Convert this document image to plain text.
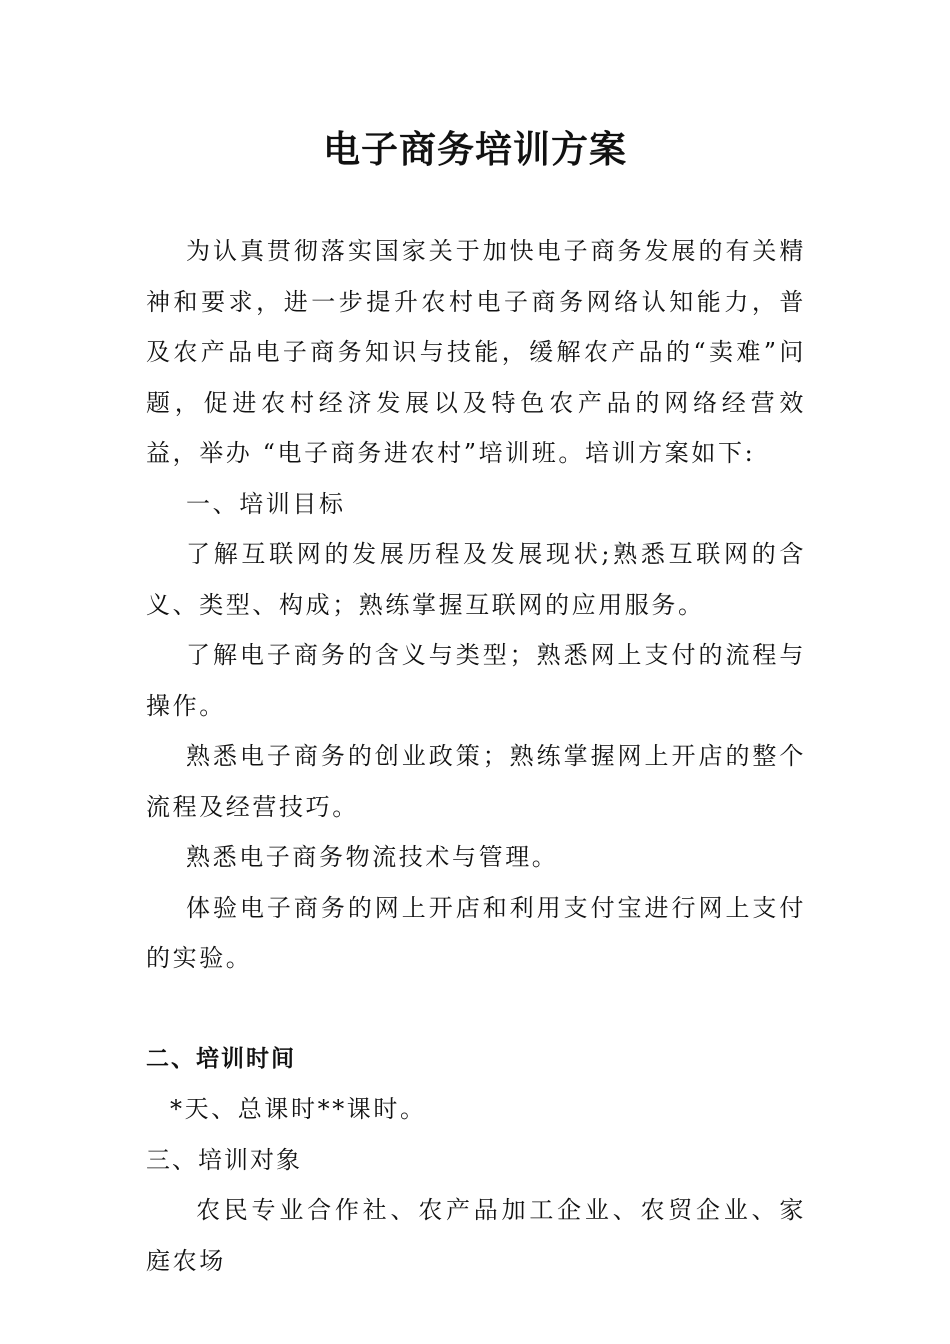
电子商务培训方案

为认真贯彻落实国家关于加快电子商务发展的有关精神和要求，进一步提升农村电子商务网络认知能力，普及农产品电子商务知识与技能，缓解农产品的“卖难”问题，促进农村经济发展以及特色农产品的网络经营效益，举办 “电子商务进农村”培训班。培训方案如下:

一、培训目标

了解互联网的发展历程及发展现状;熟悉互联网的含义、类型、构成；熟练掌握互联网的应用服务。

了解电子商务的含义与类型；熟悉网上支付的流程与操作。

熟悉电子商务的创业政策；熟练掌握网上开店的整个流程及经营技巧。

熟悉电子商务物流技术与管理。

体验电子商务的网上开店和利用支付宝进行网上支付的实验。

二、培训时间

*天、总课时**课时。

三、培训对象

农民专业合作社、农产品加工企业、农贸企业、家庭农场
